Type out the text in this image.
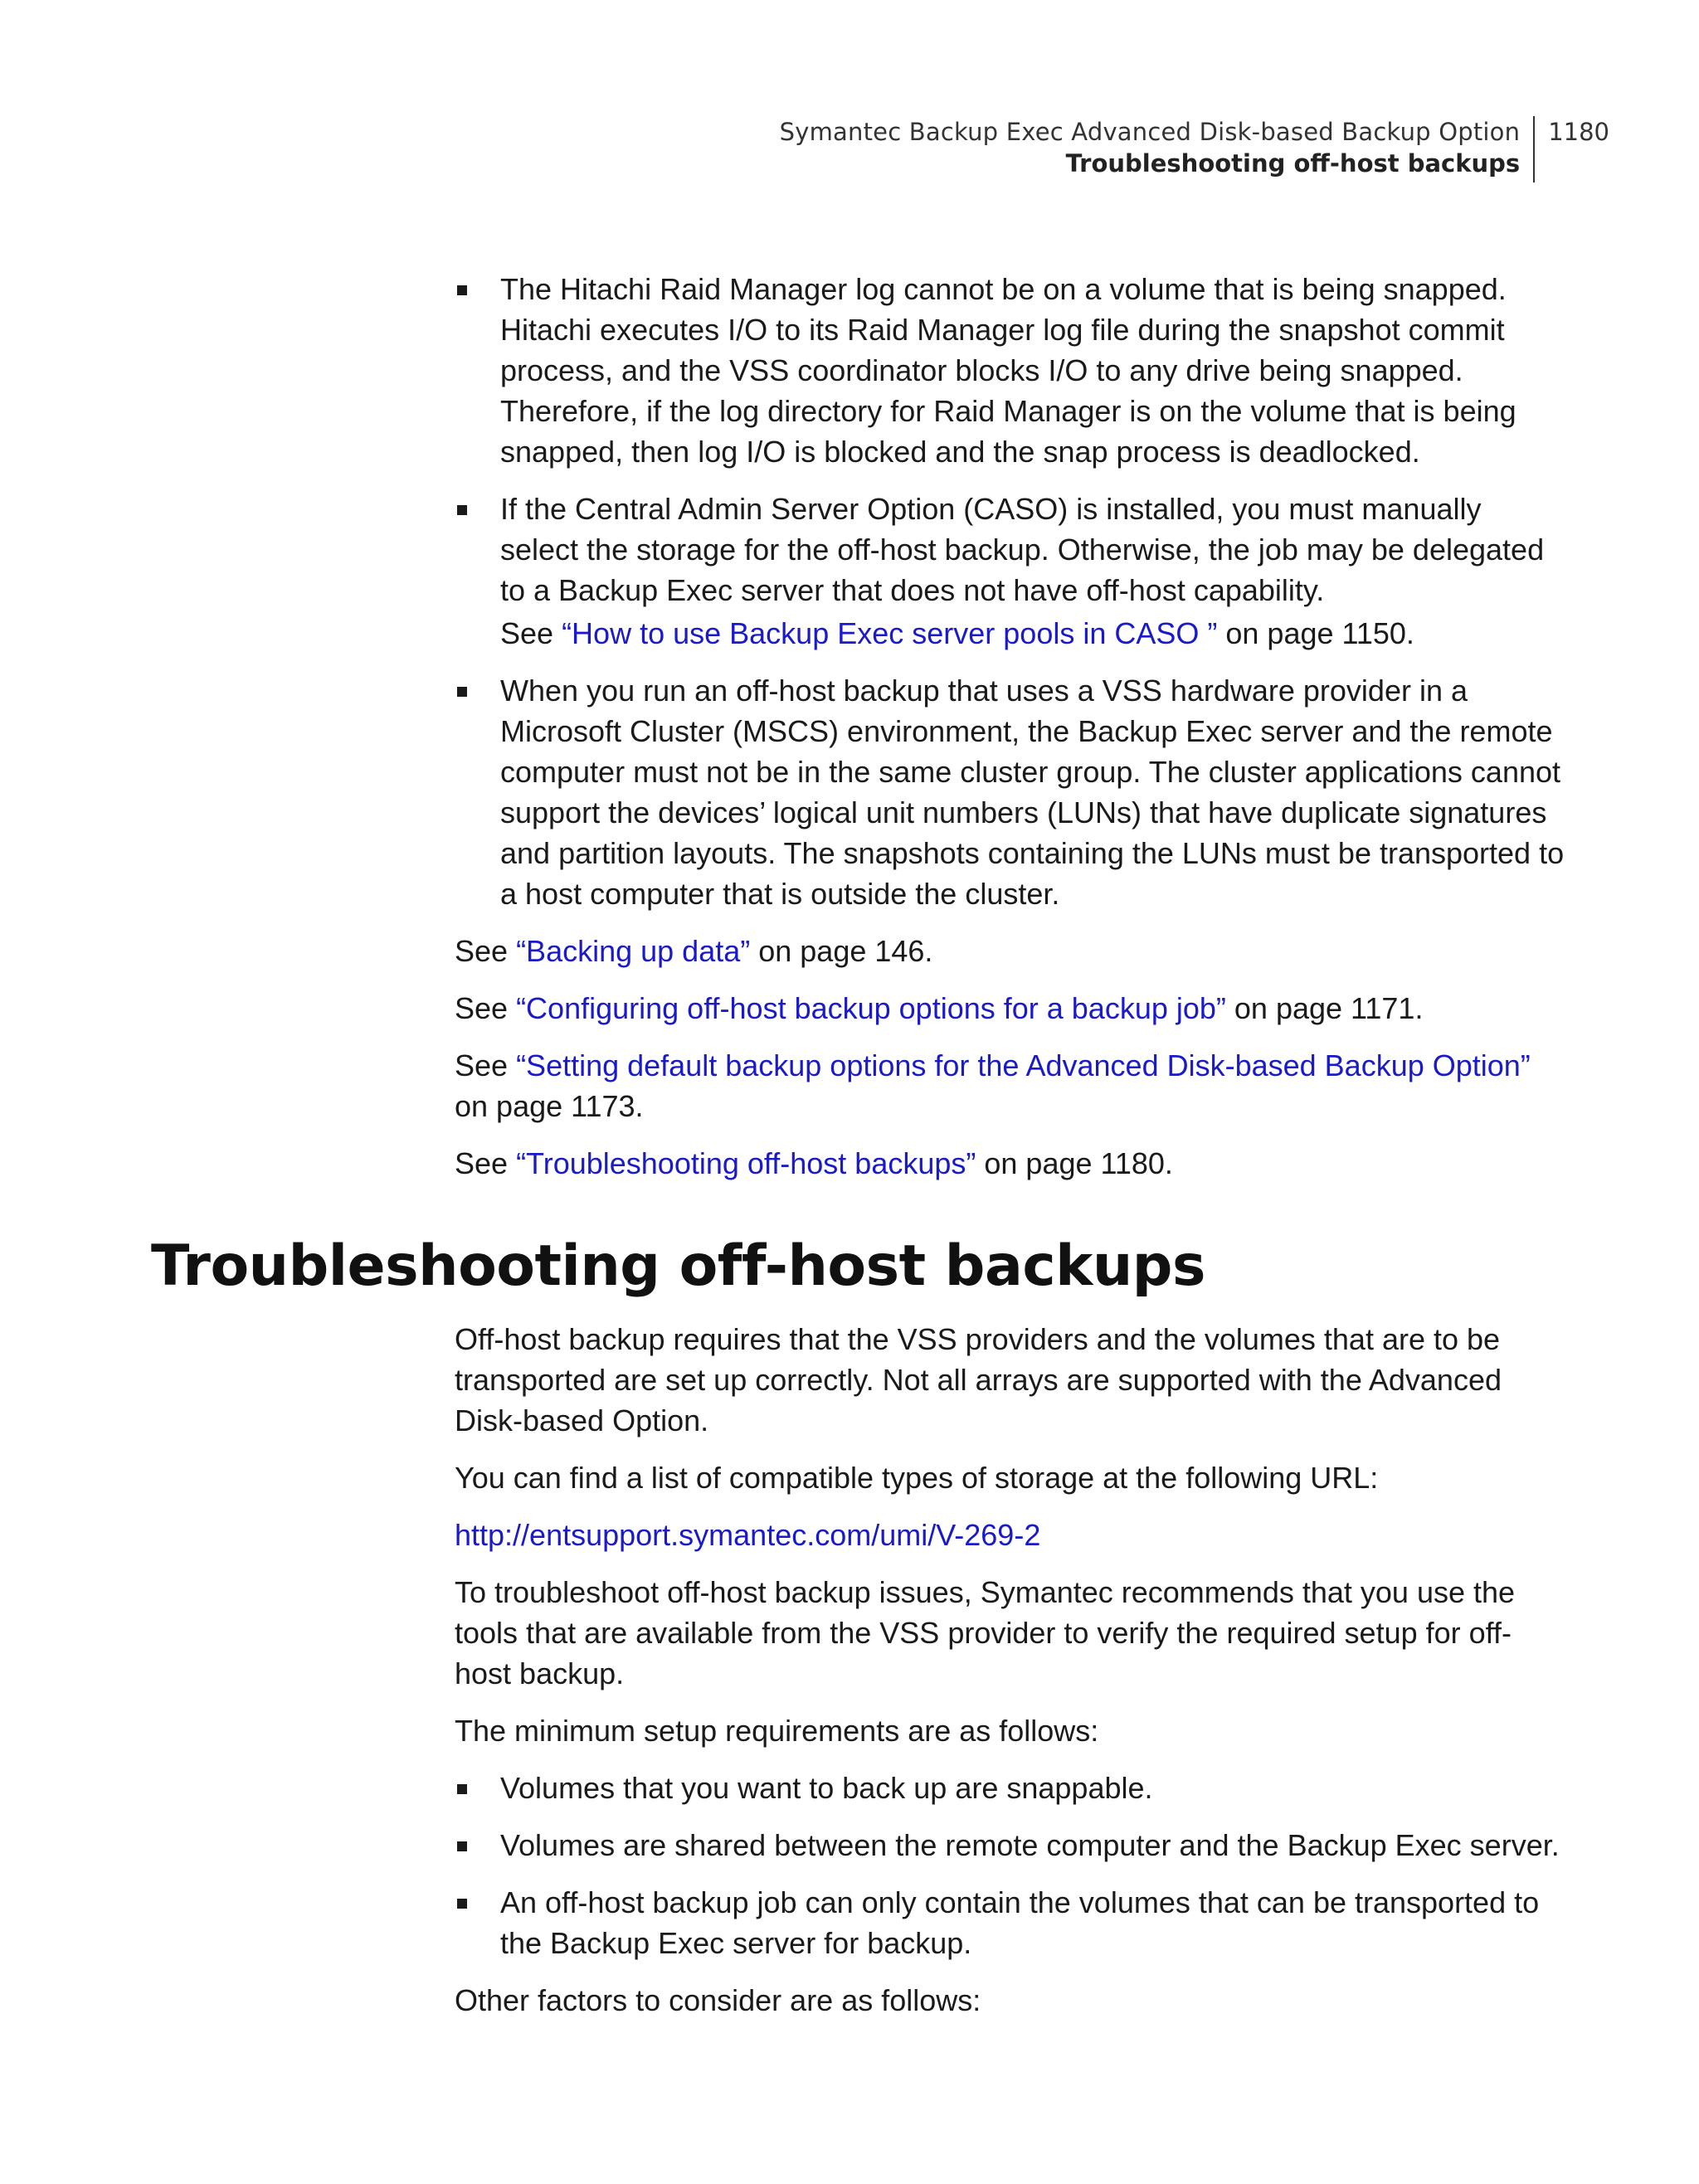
Symantec Backup Exec Advanced Disk-based Backup Option
Troubleshooting off-host backups
1180
The Hitachi Raid Manager log cannot be on a volume that is being snapped. Hitachi executes I/O to its Raid Manager log file during the snapshot commit process, and the VSS coordinator blocks I/O to any drive being snapped. Therefore, if the log directory for Raid Manager is on the volume that is being snapped, then log I/O is blocked and the snap process is deadlocked.
If the Central Admin Server Option (CASO) is installed, you must manually select the storage for the off-host backup. Otherwise, the job may be delegated to a Backup Exec server that does not have off-host capability.
See “How to use Backup Exec server pools in CASO ” on page 1150.
When you run an off-host backup that uses a VSS hardware provider in a Microsoft Cluster (MSCS) environment, the Backup Exec server and the remote computer must not be in the same cluster group. The cluster applications cannot support the devices’ logical unit numbers (LUNs) that have duplicate signatures and partition layouts. The snapshots containing the LUNs must be transported to a host computer that is outside the cluster.

See “Backing up data” on page 146.

See “Configuring off-host backup options for a backup job” on page 1171.

See “Setting default backup options for the Advanced Disk-based Backup Option” on page 1173.

See “Troubleshooting off-host backups” on page 1180.

Troubleshooting off-host backups

Off-host backup requires that the VSS providers and the volumes that are to be transported are set up correctly. Not all arrays are supported with the Advanced Disk-based Option.

You can find a list of compatible types of storage at the following URL:

http://entsupport.symantec.com/umi/V-269-2

To troubleshoot off-host backup issues, Symantec recommends that you use the tools that are available from the VSS provider to verify the required setup for off-host backup.

The minimum setup requirements are as follows:

Volumes that you want to back up are snappable.
Volumes are shared between the remote computer and the Backup Exec server.
An off-host backup job can only contain the volumes that can be transported to the Backup Exec server for backup.

Other factors to consider are as follows:
